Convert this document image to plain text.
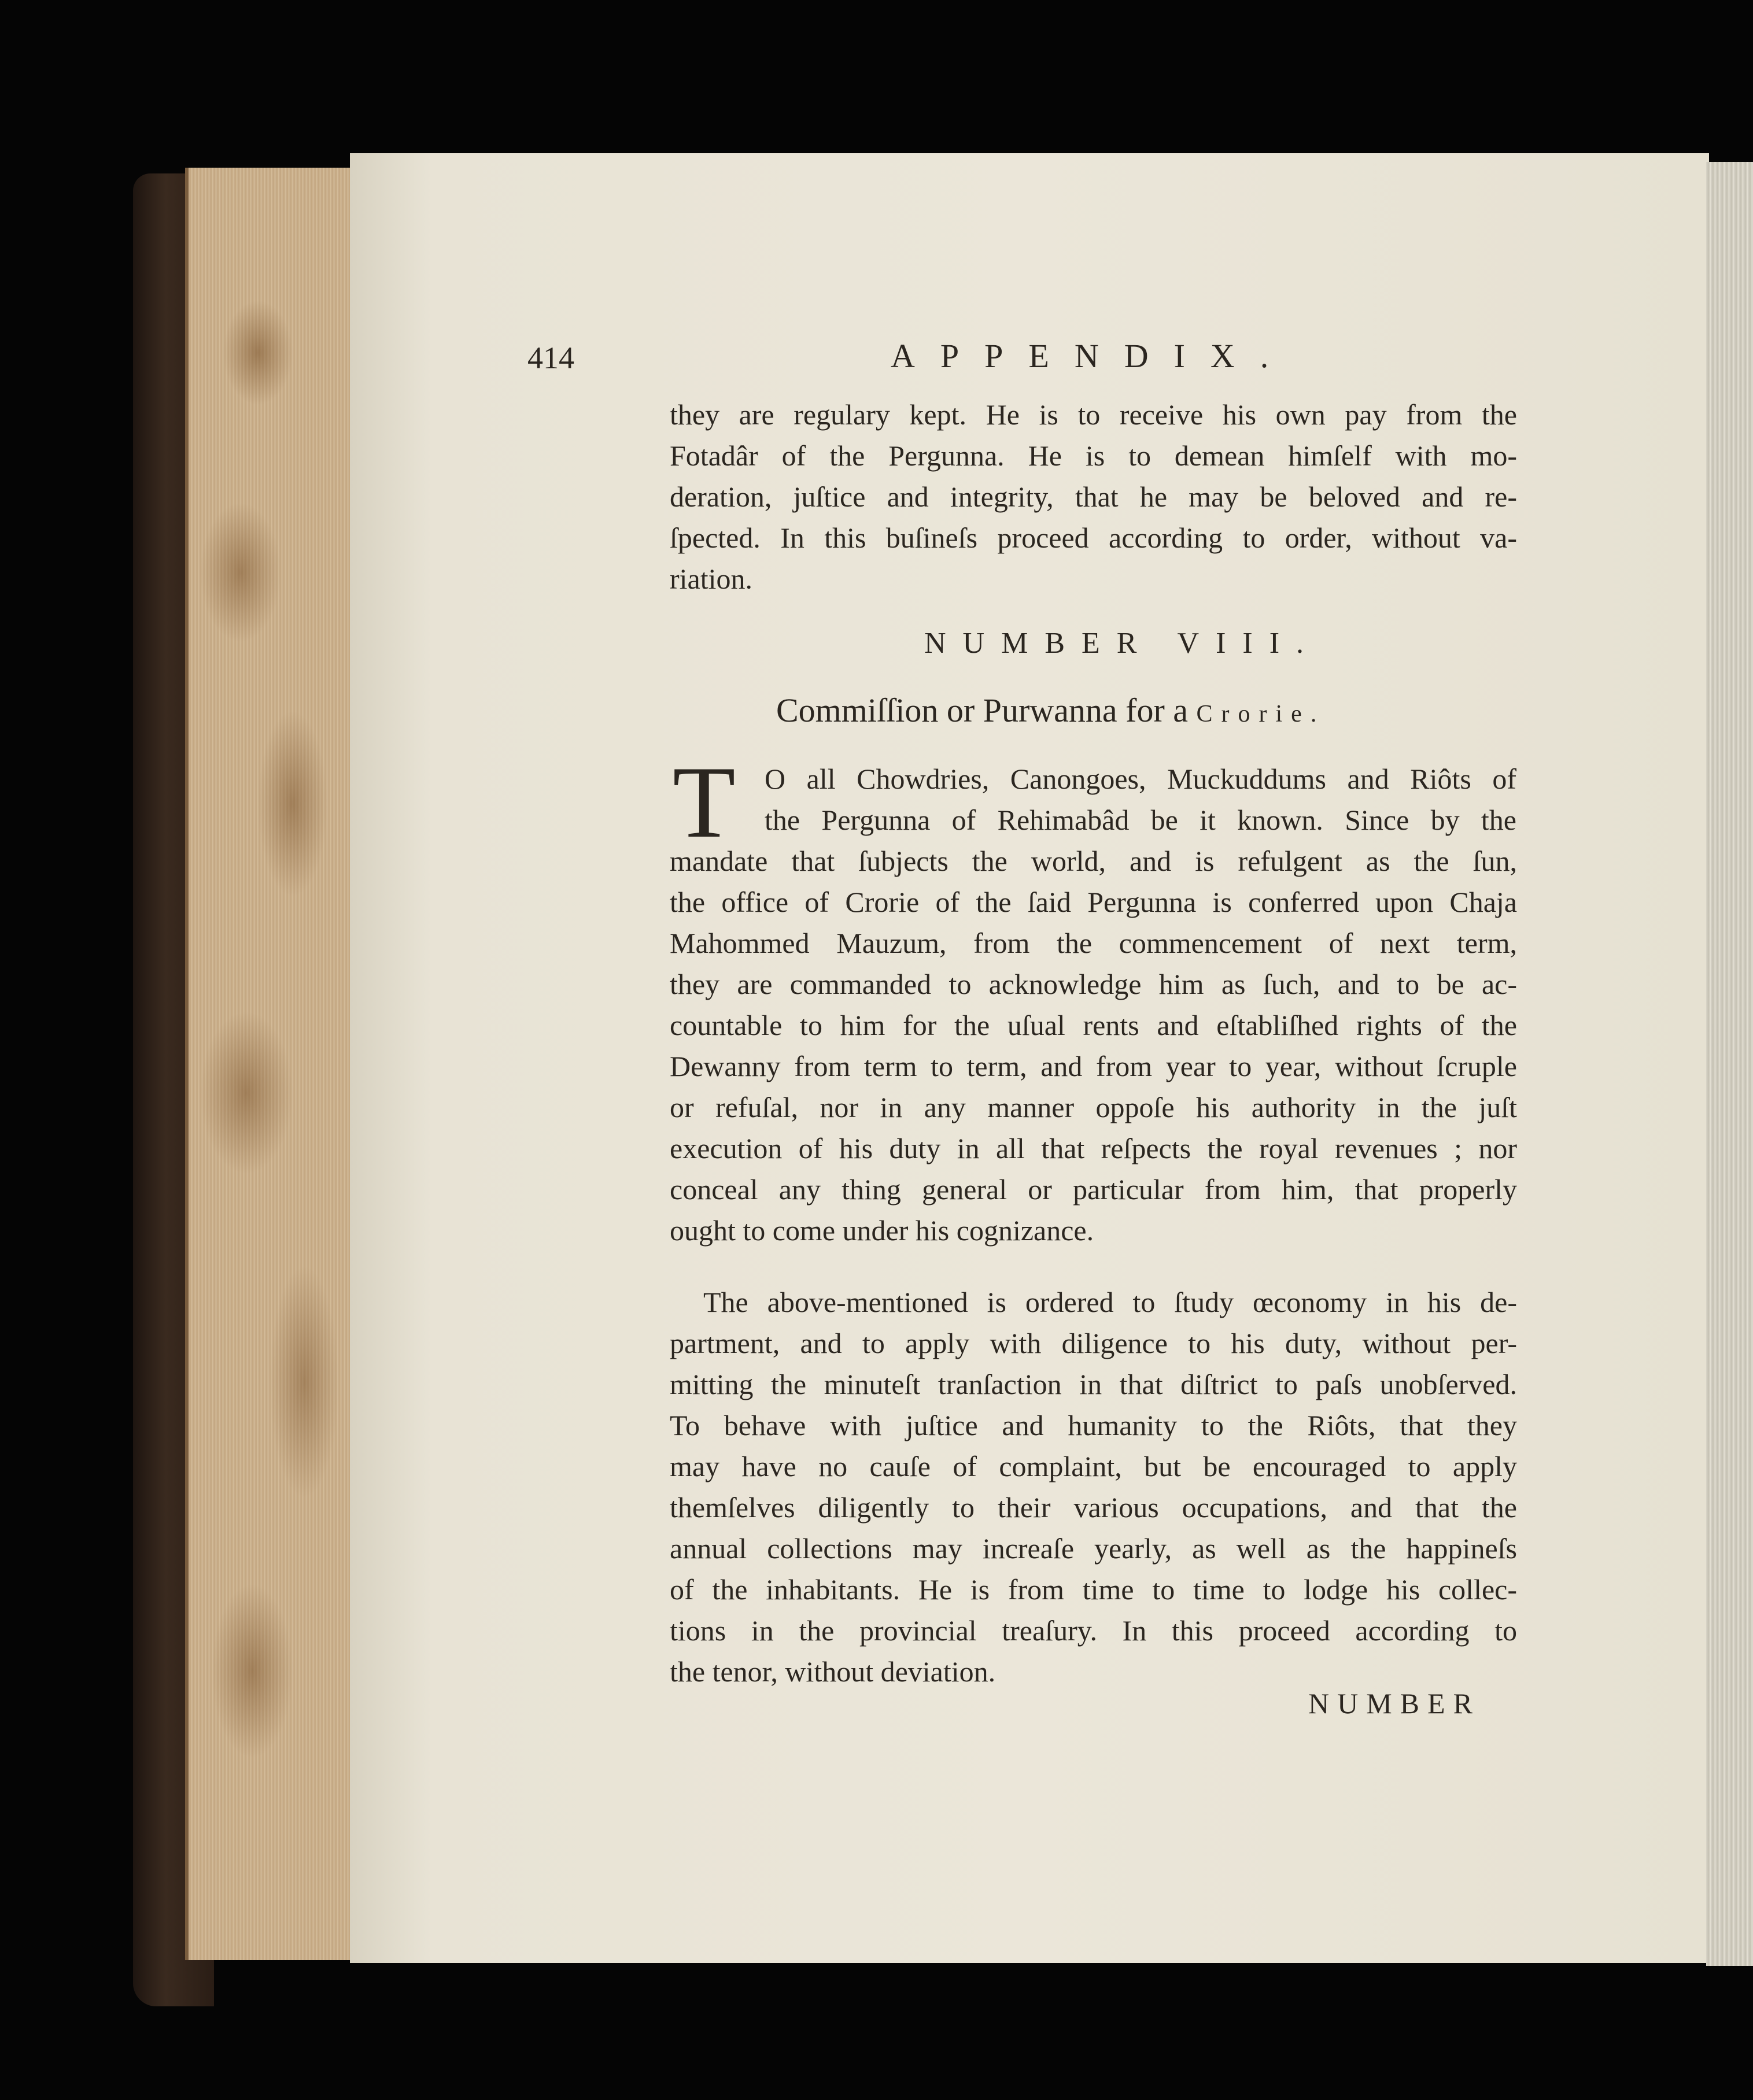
414	APPENDIX.
they are regulary kept. He is to receive his own pay from the
Fotadâr of the Pergunna. He is to demean himſelf with mo-
deration, juſtice and integrity, that he may be beloved and re-
ſpected. In this buſineſs proceed according to order, without va-
riation.
NUMBER VIII.
Commiſſion or Purwanna for a Crorie.
T O all Chowdries, Canongoes, Muckuddums and Riôts of
the Pergunna of Rehimabâd be it known. Since by the
mandate that ſubjects the world, and is refulgent as the ſun,
the office of Crorie of the ſaid Pergunna is conferred upon Chaja
Mahommed Mauzum, from the commencement of next term,
they are commanded to acknowledge him as ſuch, and to be ac-
countable to him for the uſual rents and eſtabliſhed rights of the
Dewanny from term to term, and from year to year, without ſcruple
or refuſal, nor in any manner oppoſe his authority in the juſt
execution of his duty in all that reſpects the royal revenues ; nor
conceal any thing general or particular from him, that properly
ought to come under his cognizance.
The above-mentioned is ordered to ſtudy œconomy in his de-
partment, and to apply with diligence to his duty, without per-
mitting the minuteſt tranſaction in that diſtrict to paſs unobſerved.
To behave with juſtice and humanity to the Riôts, that they
may have no cauſe of complaint, but be encouraged to apply
themſelves diligently to their various occupations, and that the
annual collections may increaſe yearly, as well as the happineſs
of the inhabitants. He is from time to time to lodge his collec-
tions in the provincial treaſury. In this proceed according to
the tenor, without deviation.
NUMBER
